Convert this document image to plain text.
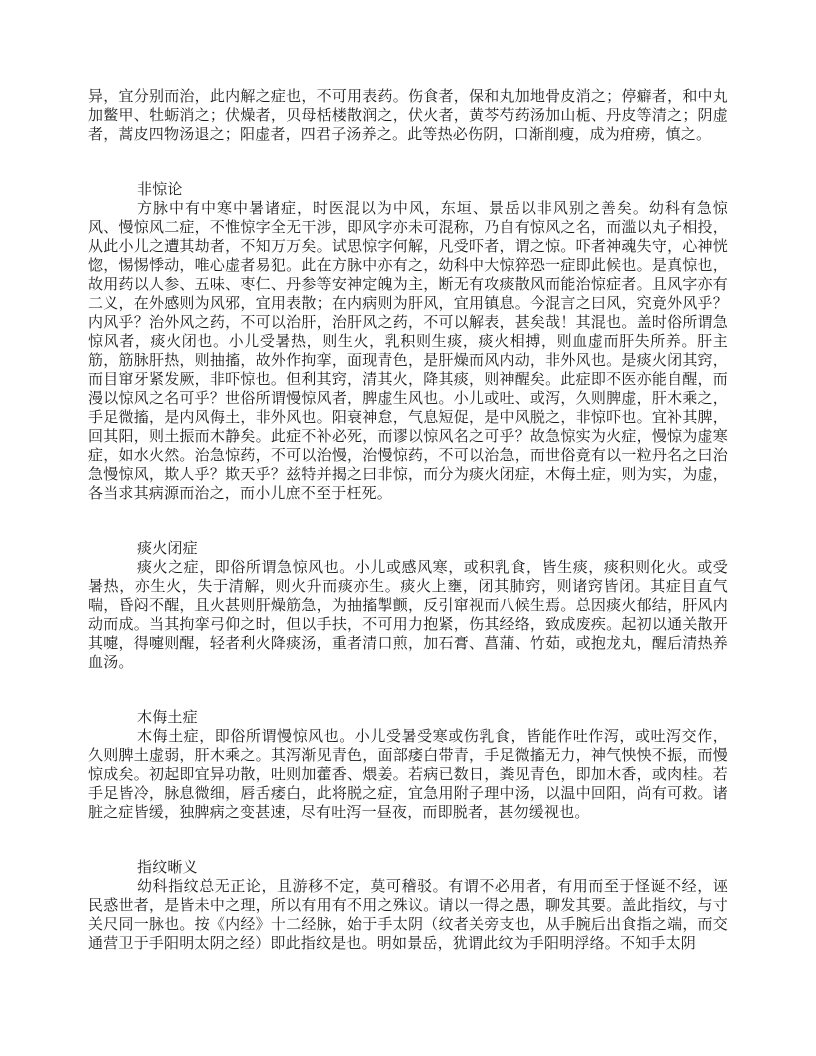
异，宜分别而治，此内解之症也，不可用表药。伤食者，保和丸加地骨皮消之；停癖者，和中丸加鳖甲、牡蛎消之；伏燥者，贝母栝楼散润之，伏火者，黄芩芍药汤加山栀、丹皮等清之；阴虚者，蒿皮四物汤退之；阳虚者，四君子汤养之。此等热必伤阴，口渐削瘦，成为疳痨，慎之。

非惊论

方脉中有中寒中暑诸症，时医混以为中风，东垣、景岳以非风别之善矣。幼科有急惊风、慢惊风二症，不惟惊字全无干涉，即风字亦未可混称，乃自有惊风之名，而滥以丸子相投，从此小儿之遭其劫者，不知万万矣。试思惊字何解，凡受吓者，谓之惊。吓者神魂失守，心神恍惚，惕惕悸动，唯心虚者易犯。此在方脉中亦有之，幼科中大惊猝恐一症即此候也。是真惊也，故用药以人参、五味、枣仁、丹参等安神定魄为主，断无有攻痰散风而能治惊症者。且风字亦有二义，在外感则为风邪，宜用表散；在内病则为肝风，宜用镇息。今混言之曰风，究竟外风乎？内风乎？治外风之药，不可以治肝，治肝风之药，不可以解表，甚矣哉！其混也。盖时俗所谓急惊风者，痰火闭也。小儿受暑热，则生火，乳积则生痰，痰火相搏，则血虚而肝失所养。肝主筋，筋脉肝热，则抽搐，故外作拘挛，面现青色，是肝燥而风内动，非外风也。是痰火闭其窍，而目窜牙紧发厥，非吓惊也。但利其窍，清其火，降其痰，则神醒矣。此症即不医亦能自醒，而漫以惊风之名可乎？世俗所谓慢惊风者，脾虚生风也。小儿或吐、或泻，久则脾虚，肝木乘之，手足微搐，是内风侮土，非外风也。阳衰神怠，气息短促，是中风脱之，非惊吓也。宜补其脾，回其阳，则土振而木静矣。此症不补必死，而谬以惊风名之可乎？故急惊实为火症，慢惊为虚寒症，如水火然。治急惊药，不可以治慢，治慢惊药，不可以治急，而世俗竟有以一粒丹名之曰治急慢惊风，欺人乎？欺天乎？兹特并揭之曰非惊，而分为痰火闭症，木侮土症，则为实，为虚，各当求其病源而治之，而小儿庶不至于枉死。

痰火闭症

痰火之症，即俗所谓急惊风也。小儿或感风寒，或积乳食，皆生痰，痰积则化火。或受暑热，亦生火，失于清解，则火升而痰亦生。痰火上壅，闭其肺窍，则诸窍皆闭。其症目直气喘，昏闷不醒，且火甚则肝燥筋急，为抽搐掣颤，反引窜视而八候生焉。总因痰火郁结，肝风内动而成。当其拘挛弓仰之时，但以手扶，不可用力抱紧，伤其经络，致成废疾。起初以通关散开其嚏，得嚏则醒，轻者利火降痰汤，重者清口煎，加石膏、菖蒲、竹茹，或抱龙丸，醒后清热养血汤。

木侮土症

木侮土症，即俗所谓慢惊风也。小儿受暑受寒或伤乳食，皆能作吐作泻，或吐泻交作，久则脾土虚弱，肝木乘之。其泻渐见青色，面部痿白带青，手足微搐无力，神气怏怏不振，而慢惊成矣。初起即宜异功散，吐则加藿香、煨姜。若病已数日，粪见青色，即加木香，或肉桂。若手足皆冷，脉息微细，唇舌痿白，此将脱之症，宜急用附子理中汤，以温中回阳，尚有可救。诸脏之症皆缓，独脾病之变甚速，尽有吐泻一昼夜，而即脱者，甚勿缓视也。

指纹晰义

幼科指纹总无正论，且游移不定，莫可稽驳。有谓不必用者，有用而至于怪诞不经，诬民惑世者，是皆未中之理，所以有用有不用之殊议。请以一得之愚，聊发其要。盖此指纹，与寸关尺同一脉也。按《内经》十二经脉，始于手太阴（纹者关旁支也，从手腕后出食指之端，而交通营卫于手阳明太阴之经）即此指纹是也。明如景岳，犹谓此纹为手阳明浮络。不知手太阴
